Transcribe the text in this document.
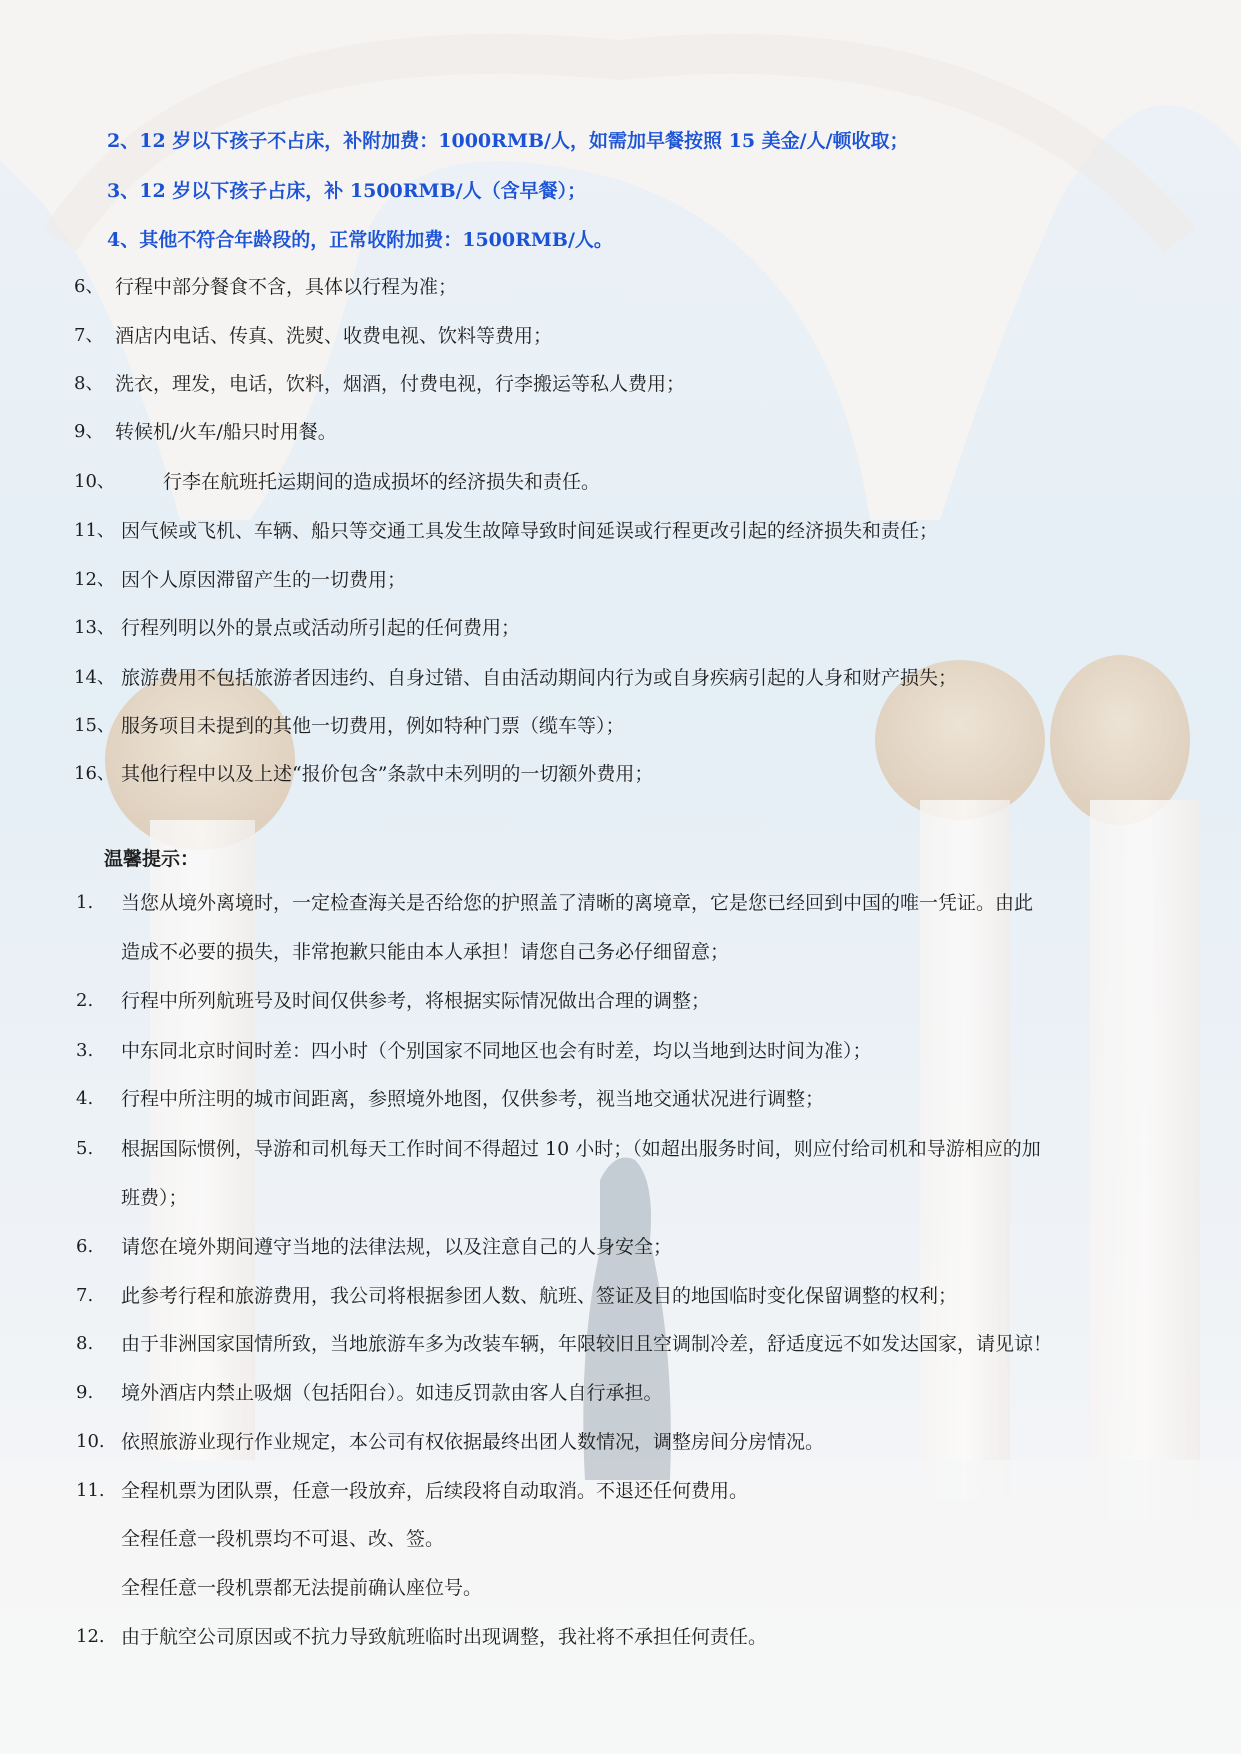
2、12 岁以下孩子不占床，补附加费：1000RMB/人，如需加早餐按照 15 美金/人/顿收取；
3、12 岁以下孩子占床，补 1500RMB/人（含早餐）；
4、其他不符合年龄段的，正常收附加费：1500RMB/人。
6、 行程中部分餐食不含，具体以行程为准；
7、 酒店内电话、传真、洗熨、收费电视、饮料等费用；
8、 洗衣，理发，电话，饮料，烟酒，付费电视，行李搬运等私人费用；
9、 转候机/火车/船只时用餐。
10、	行李在航班托运期间的造成损坏的经济损失和责任。
11、 因气候或飞机、车辆、船只等交通工具发生故障导致时间延误或行程更改引起的经济损失和责任；
12、 因个人原因滞留产生的一切费用；
13、 行程列明以外的景点或活动所引起的任何费用；
14、 旅游费用不包括旅游者因违约、自身过错、自由活动期间内行为或自身疾病引起的人身和财产损失；
15、 服务项目未提到的其他一切费用，例如特种门票（缆车等）；
16、 其他行程中以及上述“报价包含”条款中未列明的一切额外费用；
温馨提示：
1. 当您从境外离境时，一定检查海关是否给您的护照盖了清晰的离境章，它是您已经回到中国的唯一凭证。由此
造成不必要的损失，非常抱歉只能由本人承担！请您自己务必仔细留意；
2. 行程中所列航班号及时间仅供参考，将根据实际情况做出合理的调整；
3. 中东同北京时间时差：四小时（个别国家不同地区也会有时差，均以当地到达时间为准）；
4. 行程中所注明的城市间距离，参照境外地图，仅供参考，视当地交通状况进行调整；
5. 根据国际惯例，导游和司机每天工作时间不得超过 10 小时；（如超出服务时间，则应付给司机和导游相应的加
班费）；
6. 请您在境外期间遵守当地的法律法规，以及注意自己的人身安全；
7. 此参考行程和旅游费用，我公司将根据参团人数、航班、签证及目的地国临时变化保留调整的权利；
8. 由于非洲国家国情所致，当地旅游车多为改装车辆，年限较旧且空调制冷差，舒适度远不如发达国家，请见谅！
9. 境外酒店内禁止吸烟（包括阳台）。如违反罚款由客人自行承担。
10. 依照旅游业现行作业规定，本公司有权依据最终出团人数情况，调整房间分房情况。
11. 全程机票为团队票，任意一段放弃，后续段将自动取消。不退还任何费用。
全程任意一段机票均不可退、改、签。
全程任意一段机票都无法提前确认座位号。
12. 由于航空公司原因或不抗力导致航班临时出现调整，我社将不承担任何责任。
